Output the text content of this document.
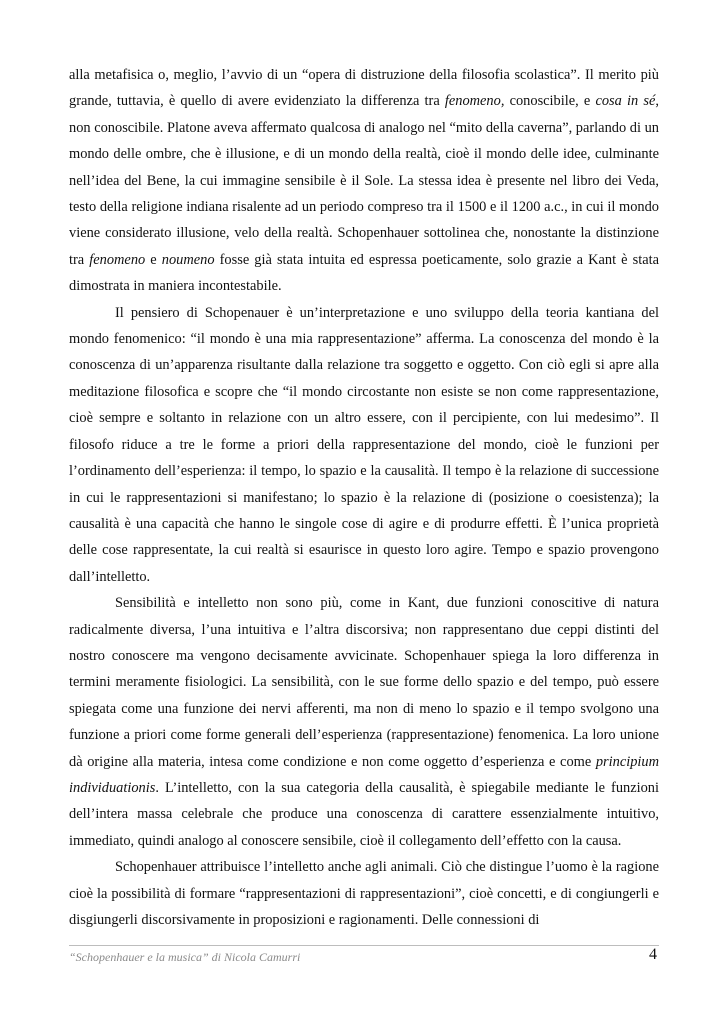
alla metafisica o, meglio, l’avvio di un “opera di distruzione della filosofia scolastica”. Il merito più grande, tuttavia, è quello di avere evidenziato la differenza tra fenomeno, conoscibile, e cosa in sé, non conoscibile. Platone aveva affermato qualcosa di analogo nel “mito della caverna”, parlando di un mondo delle ombre, che è illusione, e di un mondo della realtà, cioè il mondo delle idee, culminante nell’idea del Bene, la cui immagine sensibile è il Sole. La stessa idea è presente nel libro dei Veda, testo della religione indiana risalente ad un periodo compreso tra il 1500 e il 1200 a.c., in cui il mondo viene considerato illusione, velo della realtà. Schopenhauer sottolinea che, nonostante la distinzione tra fenomeno e noumeno fosse già stata intuita ed espressa poeticamente, solo grazie a Kant è stata dimostrata in maniera incontestabile.

Il pensiero di Schopenauer è un’interpretazione e uno sviluppo della teoria kantiana del mondo fenomenico: “il mondo è una mia rappresentazione” afferma. La conoscenza del mondo è la conoscenza di un’apparenza risultante dalla relazione tra soggetto e oggetto. Con ciò egli si apre alla meditazione filosofica e scopre che “il mondo circostante non esiste se non come rappresentazione, cioè sempre e soltanto in relazione con un altro essere, con il percipiente, con lui medesimo”. Il filosofo riduce a tre le forme a priori della rappresentazione del mondo, cioè le funzioni per l’ordinamento dell’esperienza: il tempo, lo spazio e la causalità. Il tempo è la relazione di successione in cui le rappresentazioni si manifestano; lo spazio è la relazione di (posizione o coesistenza); la causalità è una capacità che hanno le singole cose di agire e di produrre effetti. È l’unica proprietà delle cose rappresentate, la cui realtà si esaurisce in questo loro agire. Tempo e spazio provengono dall’intelletto.

Sensibilità e intelletto non sono più, come in Kant, due funzioni conoscitive di natura radicalmente diversa, l’una intuitiva e l’altra discorsiva; non rappresentano due ceppi distinti del nostro conoscere ma vengono decisamente avvicinate. Schopenhauer spiega la loro differenza in termini meramente fisiologici. La sensibilità, con le sue forme dello spazio e del tempo, può essere spiegata come una funzione dei nervi afferenti, ma non di meno lo spazio e il tempo svolgono una funzione a priori come forme generali dell’esperienza (rappresentazione) fenomenica. La loro unione dà origine alla materia, intesa come condizione e non come oggetto d’esperienza e come principium individuationis. L’intelletto, con la sua categoria della causalità, è spiegabile mediante le funzioni dell’intera massa celebrale che produce una conoscenza di carattere essenzialmente intuitivo, immediato, quindi analogo al conoscere sensibile, cioè il collegamento dell’effetto con la causa.

Schopenhauer attribuisce l’intelletto anche agli animali. Ciò che distingue l’uomo è la ragione cioè la possibilità di formare “rappresentazioni di rappresentazioni”, cioè concetti, e di congiungerli e disgiungerli discorsivamente in proposizioni e ragionamenti. Delle connessioni di

“Schopenhauer e la musica” di Nicola Camurri	4
